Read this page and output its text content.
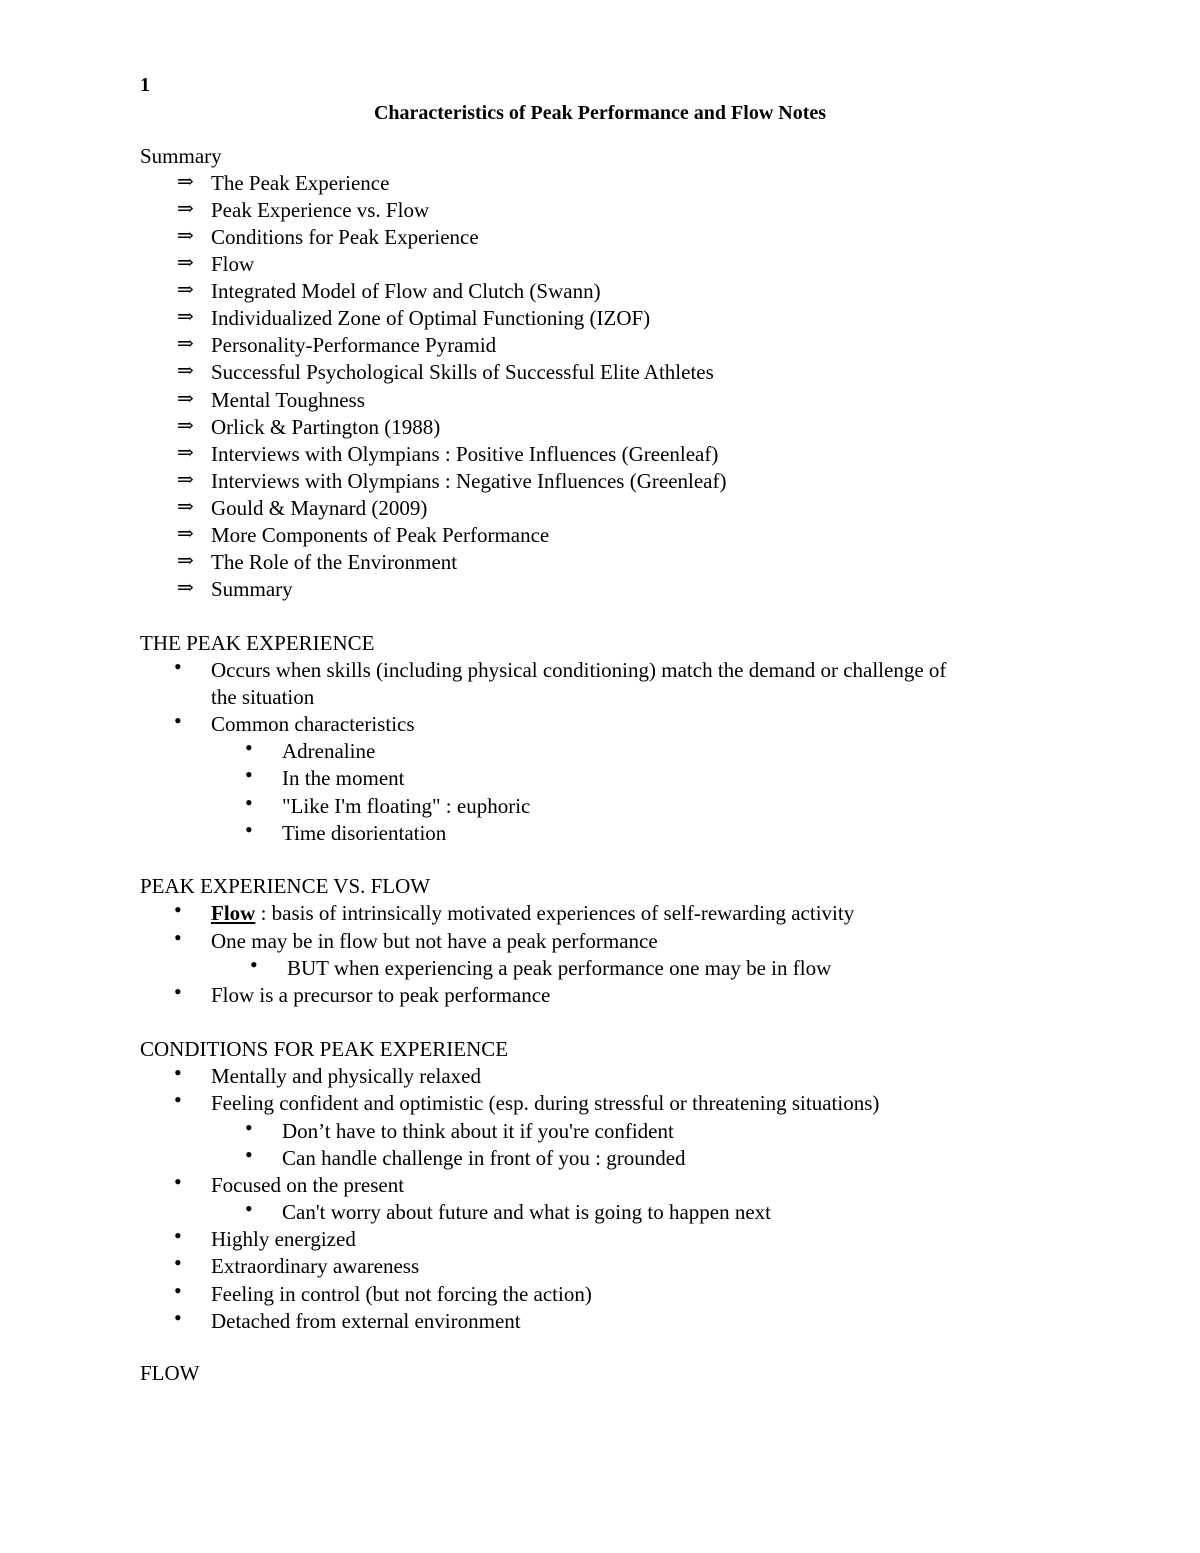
1
Characteristics of Peak Performance and Flow Notes
Summary
⇒ The Peak Experience
⇒ Peak Experience vs. Flow
⇒ Conditions for Peak Experience
⇒ Flow
⇒ Integrated Model of Flow and Clutch (Swann)
⇒ Individualized Zone of Optimal Functioning (IZOF)
⇒ Personality-Performance Pyramid
⇒ Successful Psychological Skills of Successful Elite Athletes
⇒ Mental Toughness
⇒ Orlick & Partington (1988)
⇒ Interviews with Olympians : Positive Influences (Greenleaf)
⇒ Interviews with Olympians : Negative Influences (Greenleaf)
⇒ Gould & Maynard (2009)
⇒ More Components of Peak Performance
⇒ The Role of the Environment
⇒ Summary
THE PEAK EXPERIENCE
• Occurs when skills (including physical conditioning) match the demand or challenge of
the situation
• Common characteristics
• Adrenaline
• In the moment
• "Like I'm floating" : euphoric
• Time disorientation
PEAK EXPERIENCE VS. FLOW
• Flow : basis of intrinsically motivated experiences of self-rewarding activity
• One may be in flow but not have a peak performance
• BUT when experiencing a peak performance one may be in flow
• Flow is a precursor to peak performance
CONDITIONS FOR PEAK EXPERIENCE
• Mentally and physically relaxed
• Feeling confident and optimistic (esp. during stressful or threatening situations)
• Don’t have to think about it if you're confident
• Can handle challenge in front of you : grounded
• Focused on the present
• Can't worry about future and what is going to happen next
• Highly energized
• Extraordinary awareness
• Feeling in control (but not forcing the action)
• Detached from external environment
FLOW
